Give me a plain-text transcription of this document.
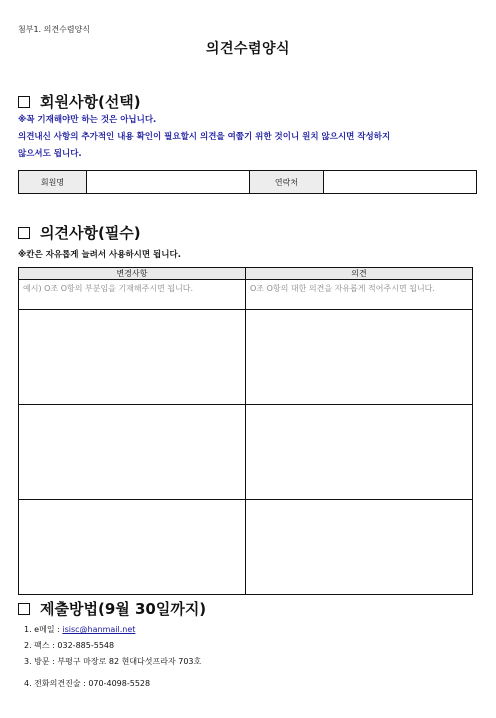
첨부1. 의견수렴양식
의견수렴양식
회원사항(선택)
※꼭 기재해야만 하는 것은 아닙니다.
의견내신 사항의 추가적인 내용 확인이 필요할시 의견을 여쭙기 위한 것이니 원치 않으시면 작성하지
않으셔도 됩니다.
회원명		연락처	
의견사항(필수)
※칸은 자유롭게 늘려서 사용하시면 됩니다.
변경사항	의견
예시) O조 O항의 부분임을 기재해주시면 됩니다.	O조 O항의 대한 의견을 자유롭게 적어주시면 됩니다.

제출방법(9월 30일까지)
1. e메일 : isisc@hanmail.net
2. 팩스 : 032-885-5548
3. 방문 : 부평구 마장로 82 현대다섯프라자 703호
4. 전화의견진술 : 070-4098-5528
